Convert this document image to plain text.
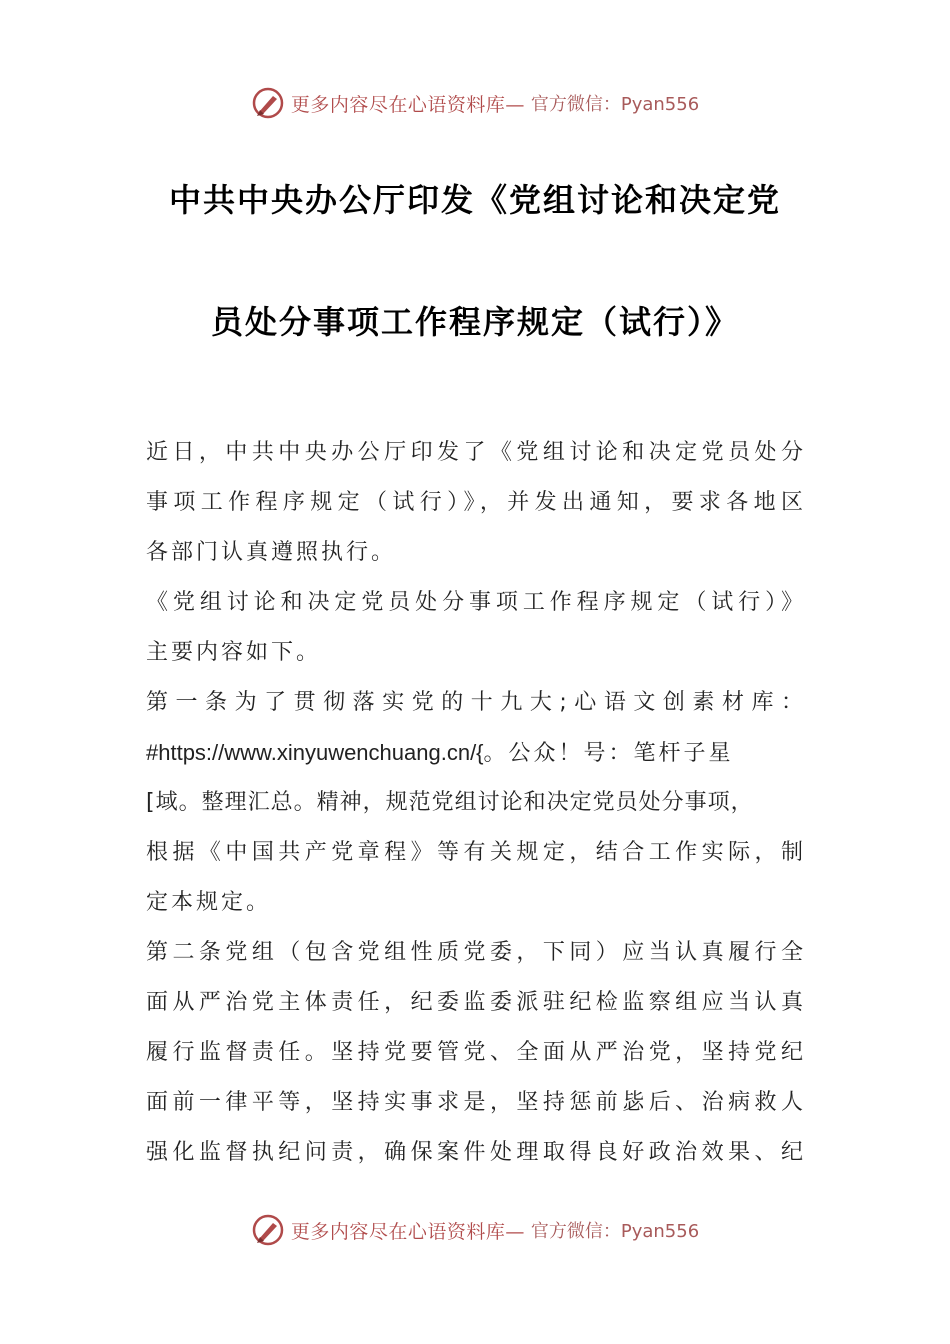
更多内容尽在心语资料库— 官方微信：Pyan556
中共中央办公厅印发《党组讨论和决定党
员处分事项工作程序规定（试行）》
近日，中共中央办公厅印发了《党组讨论和决定党员处分
事项工作程序规定（试行）》，并发出通知，要求各地区
各部门认真遵照执行。
《党组讨论和决定党员处分事项工作程序规定（试行）》
主要内容如下。
第一条为了贯彻落实党的十九大;心语文创素材库：
#https://www.xinyuwenchuang.cn/{。公众！号：笔杆子星
[域。整理汇总。精神，规范党组讨论和决定党员处分事项，
根据《中国共产党章程》等有关规定，结合工作实际，制
定本规定。
第二条党组（包含党组性质党委，下同）应当认真履行全
面从严治党主体责任，纪委监委派驻纪检监察组应当认真
履行监督责任。坚持党要管党、全面从严治党，坚持党纪
面前一律平等，坚持实事求是，坚持惩前毖后、治病救人
强化监督执纪问责，确保案件处理取得良好政治效果、纪
更多内容尽在心语资料库— 官方微信：Pyan556
